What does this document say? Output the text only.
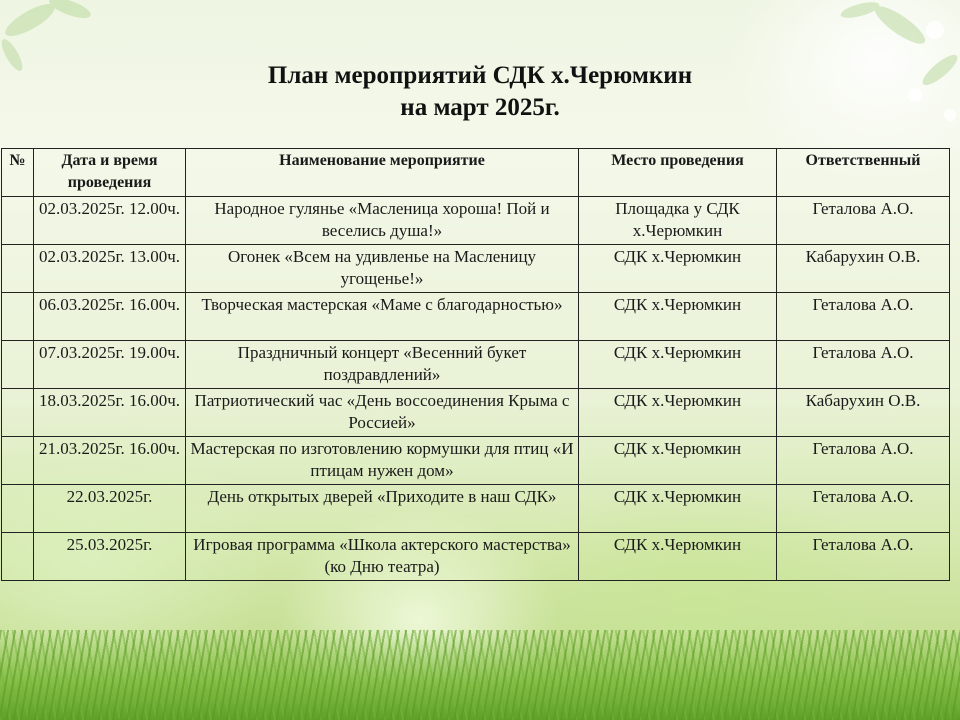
План мероприятий СДК х.Черюмкин
на март 2025г.
№	Дата и время проведения	Наименование мероприятие	Место проведения	Ответственный
	02.03.2025г. 12.00ч.	Народное гулянье «Масленица хороша! Пой и веселись душа!»	Площадка у СДК х.Черюмкин	Геталова А.О.
	02.03.2025г. 13.00ч.	Огонек «Всем на удивленье на Масленицу угощенье!»	СДК х.Черюмкин	Кабарухин О.В.
	06.03.2025г. 16.00ч.	Творческая мастерская «Маме с благодарностью»	СДК х.Черюмкин	Геталова А.О.
	07.03.2025г. 19.00ч.	Праздничный концерт «Весенний букет поздравдлений»	СДК х.Черюмкин	Геталова А.О.
	18.03.2025г. 16.00ч.	Патриотический час «День воссоединения Крыма с Россией»	СДК х.Черюмкин	Кабарухин О.В.
	21.03.2025г. 16.00ч.	Мастерская по изготовлению кормушки для птиц «И птицам нужен дом»	СДК х.Черюмкин	Геталова А.О.
	22.03.2025г.	День открытых дверей «Приходите в наш СДК»	СДК х.Черюмкин	Геталова А.О.
	25.03.2025г.	Игровая программа «Школа актерского мастерства» (ко Дню театра)	СДК х.Черюмкин	Геталова А.О.
